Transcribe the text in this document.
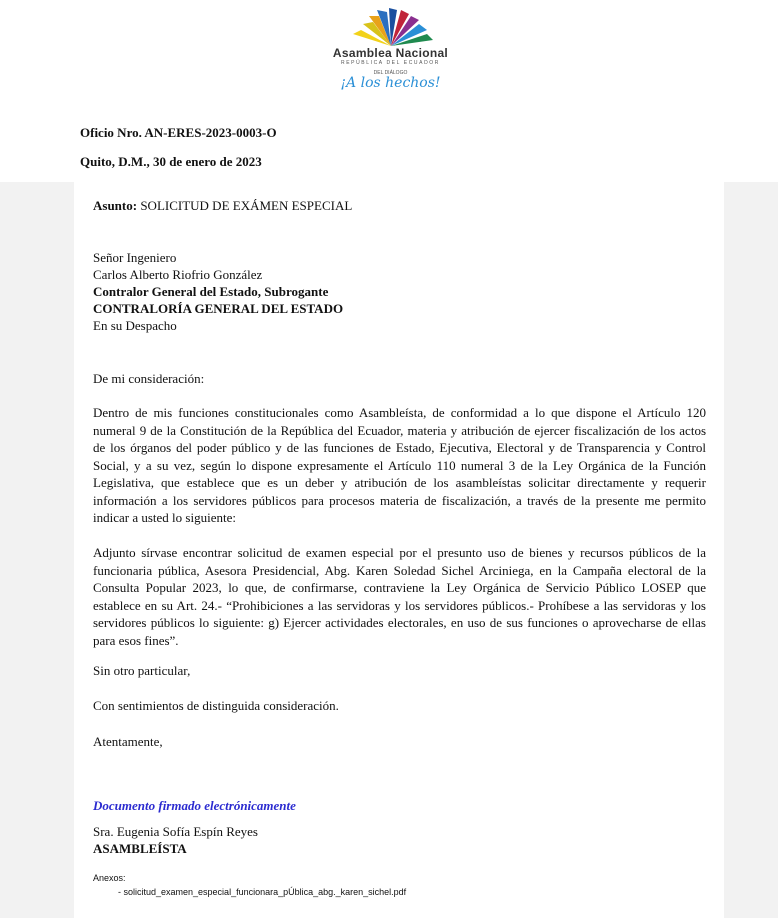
Asamblea Nacional
REPÚBLICA DEL ECUADOR
DEL DIÁLOGO
¡A los hechos!
Oficio Nro. AN-ERES-2023-0003-O
Quito, D.M., 30 de enero de 2023
Asunto: SOLICITUD DE EXÁMEN ESPECIAL
Señor Ingeniero
Carlos Alberto Riofrio González
Contralor General del Estado, Subrogante
CONTRALORÍA GENERAL DEL ESTADO
En su Despacho
De mi consideración:
Dentro de mis funciones constitucionales como Asambleísta, de conformidad a lo que dispone el Artículo 120 numeral 9 de la Constitución de la República del Ecuador, materia y atribución de ejercer fiscalización de los actos de los órganos del poder público y de las funciones de Estado, Ejecutiva, Electoral y de Transparencia y Control Social, y a su vez, según lo dispone expresamente el Artículo 110 numeral 3 de la Ley Orgánica de la Función Legislativa, que establece que es un deber y atribución de los asambleístas solicitar directamente y requerir información a los servidores públicos para procesos materia de fiscalización, a través de la presente me permito indicar a usted lo siguiente:
Adjunto sírvase encontrar solicitud de examen especial por el presunto uso de bienes y recursos públicos de la funcionaria pública, Asesora Presidencial, Abg. Karen Soledad Sichel Arciniega, en la Campaña electoral de la Consulta Popular 2023, lo que, de confirmarse, contraviene la Ley Orgánica de Servicio Público LOSEP que establece en su Art. 24.- “Prohibiciones a las servidoras y los servidores públicos.- Prohíbese a las servidoras y los servidores públicos lo siguiente: g) Ejercer actividades electorales, en uso de sus funciones o aprovecharse de ellas para esos fines”.
Sin otro particular,
Con sentimientos de distinguida consideración.
Atentamente,
Documento firmado electrónicamente
Sra. Eugenia Sofía Espín Reyes
ASAMBLEÍSTA
Anexos:
- solicitud_examen_especial_funcionara_pÚblica_abg._karen_sichel.pdf
